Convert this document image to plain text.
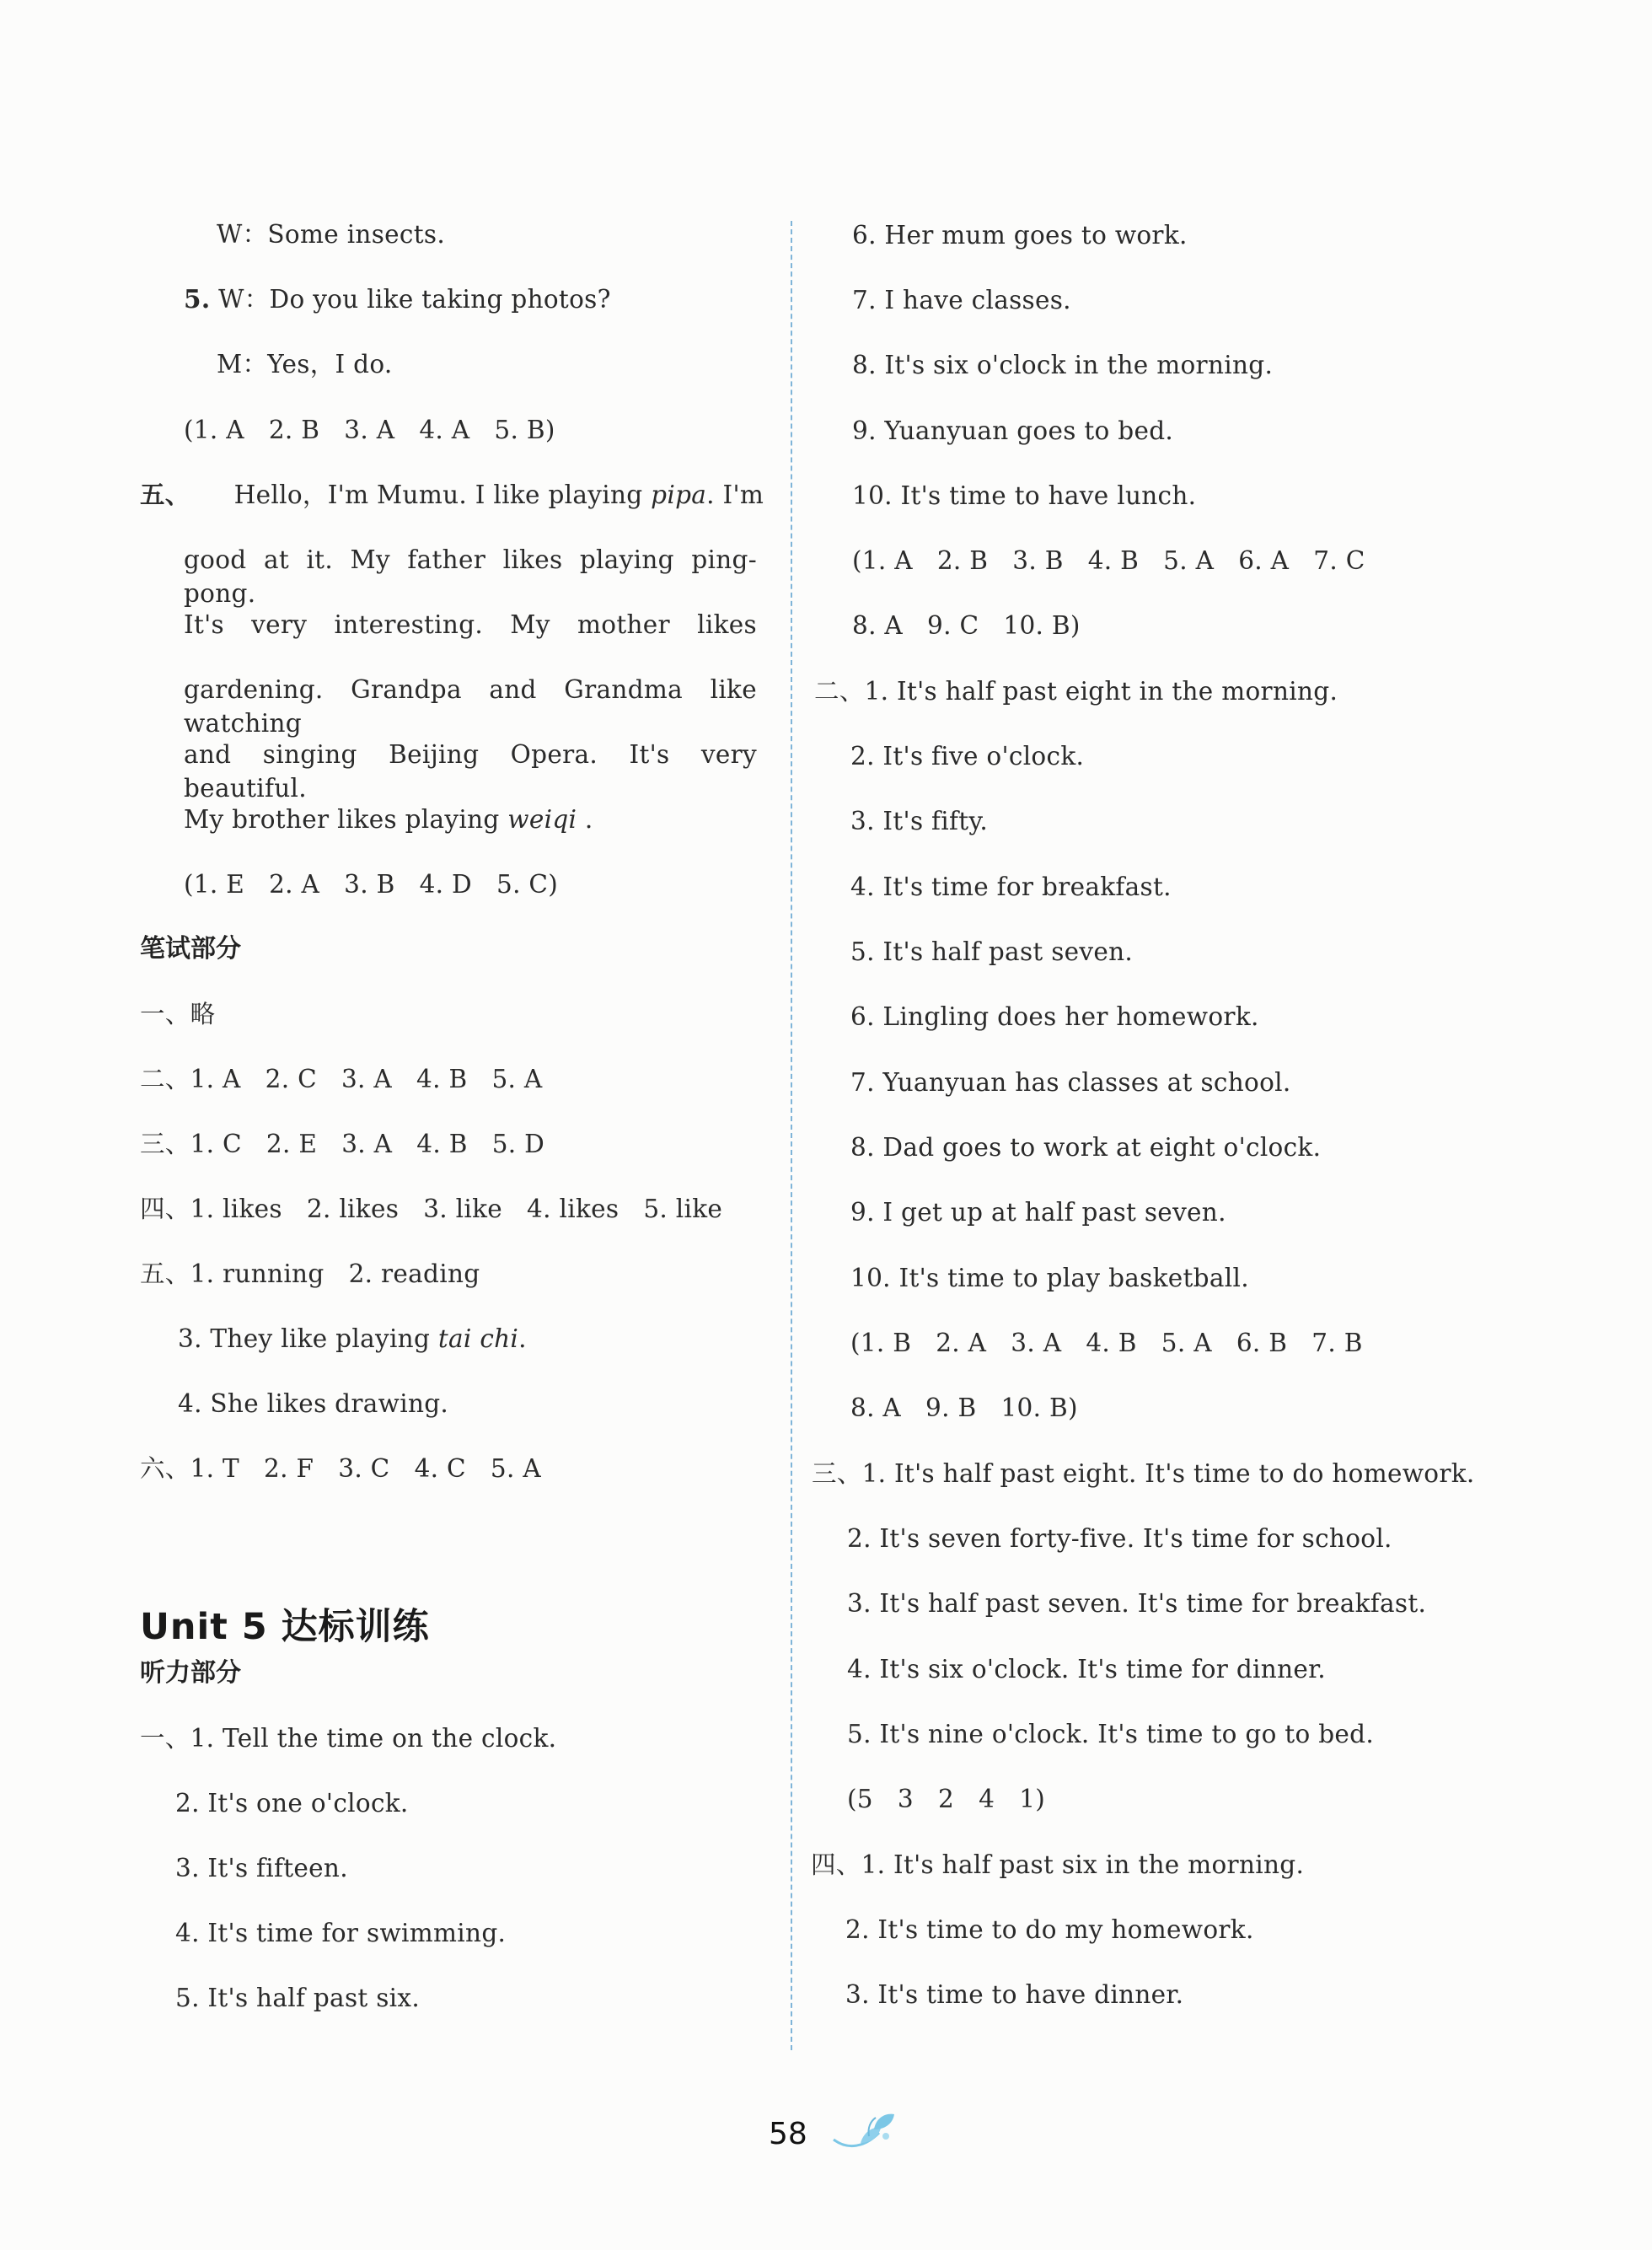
W：Some insects.
5. W：Do you like taking photos?
M：Yes，I do.
(1. A   2. B   3. A   4. A   5. B)
五、 Hello，I'm Mumu. I like playing pipa. I'm
good at it. My father likes playing ping-pong.
It's very interesting. My mother likes
gardening. Grandpa and Grandma like watching
and singing Beijing Opera. It's very beautiful.
My brother likes playing weiqi .
(1. E   2. A   3. B   4. D   5. C)
笔试部分
一、略
二、1. A   2. C   3. A   4. B   5. A
三、1. C   2. E   3. A   4. B   5. D
四、1. likes   2. likes   3. like   4. likes   5. like
五、1. running   2. reading
3. They like playing tai chi.
4. She likes drawing.
六、1. T   2. F   3. C   4. C   5. A
Unit 5 达标训练
听力部分
一、1. Tell the time on the clock.
2. It's one o'clock.
3. It's fifteen.
4. It's time for swimming.
5. It's half past six.
6. Her mum goes to work.
7. I have classes.
8. It's six o'clock in the morning.
9. Yuanyuan goes to bed.
10. It's time to have lunch.
(1. A   2. B   3. B   4. B   5. A   6. A   7. C
8. A   9. C   10. B)
二、1. It's half past eight in the morning.
2. It's five o'clock.
3. It's fifty.
4. It's time for breakfast.
5. It's half past seven.
6. Lingling does her homework.
7. Yuanyuan has classes at school.
8. Dad goes to work at eight o'clock.
9. I get up at half past seven.
10. It's time to play basketball.
(1. B   2. A   3. A   4. B   5. A   6. B   7. B
8. A   9. B   10. B)
三、1. It's half past eight. It's time to do homework.
2. It's seven forty-five. It's time for school.
3. It's half past seven. It's time for breakfast.
4. It's six o'clock. It's time for dinner.
5. It's nine o'clock. It's time to go to bed.
(5   3   2   4   1)
四、1. It's half past six in the morning.
2. It's time to do my homework.
3. It's time to have dinner.
58
